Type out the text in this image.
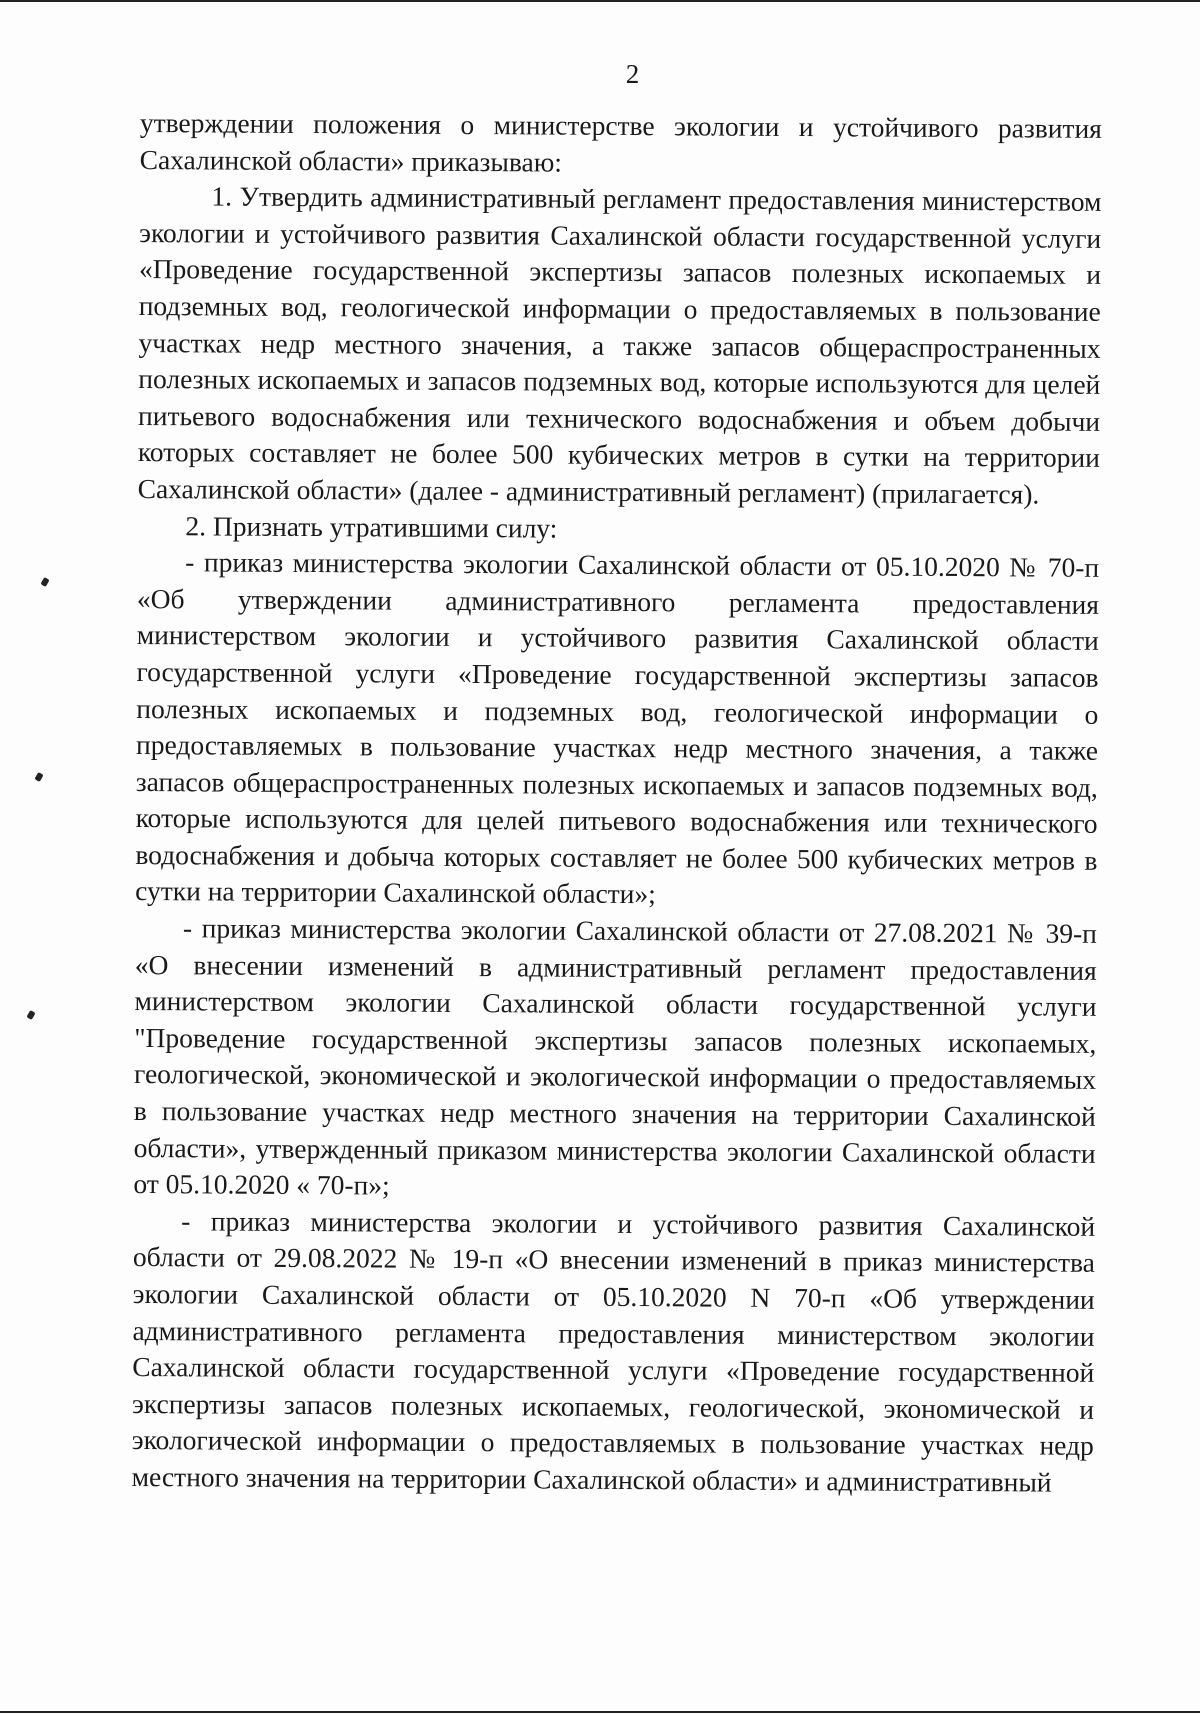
2

утверждении положения о министерстве экологии и устойчивого развития Сахалинской области» приказываю:

1. Утвердить административный регламент предоставления министерством экологии и устойчивого развития Сахалинской области государственной услуги «Проведение государственной экспертизы запасов полезных ископаемых и подземных вод, геологической информации о предоставляемых в пользование участках недр местного значения, а также запасов общераспространенных полезных ископаемых и запасов подземных вод, которые используются для целей питьевого водоснабжения или технического водоснабжения и объем добычи которых составляет не более 500 кубических метров в сутки на территории Сахалинской области» (далее - административный регламент) (прилагается).

2. Признать утратившими силу:

- приказ министерства экологии Сахалинской области от 05.10.2020 № 70-п «Об утверждении административного регламента предоставления министерством экологии и устойчивого развития Сахалинской области государственной услуги «Проведение государственной экспертизы запасов полезных ископаемых и подземных вод, геологической информации о предоставляемых в пользование участках недр местного значения, а также запасов общераспространенных полезных ископаемых и запасов подземных вод, которые используются для целей питьевого водоснабжения или технического водоснабжения и добыча которых составляет не более 500 кубических метров в сутки на территории Сахалинской области»;

- приказ министерства экологии Сахалинской области от 27.08.2021 № 39-п «О внесении изменений в административный регламент предоставления министерством экологии Сахалинской области государственной услуги "Проведение государственной экспертизы запасов полезных ископаемых, геологической, экономической и экологической информации о предоставляемых в пользование участках недр местного значения на территории Сахалинской области», утвержденный приказом министерства экологии Сахалинской области от 05.10.2020 « 70-п»;

- приказ министерства экологии и устойчивого развития Сахалинской области от 29.08.2022 № 19-п «О внесении изменений в приказ министерства экологии Сахалинской области от 05.10.2020 N 70-п «Об утверждении административного регламента предоставления министерством экологии Сахалинской области государственной услуги «Проведение государственной экспертизы запасов полезных ископаемых, геологической, экономической и экологической информации о предоставляемых в пользование участках недр местного значения на территории Сахалинской области» и административный
